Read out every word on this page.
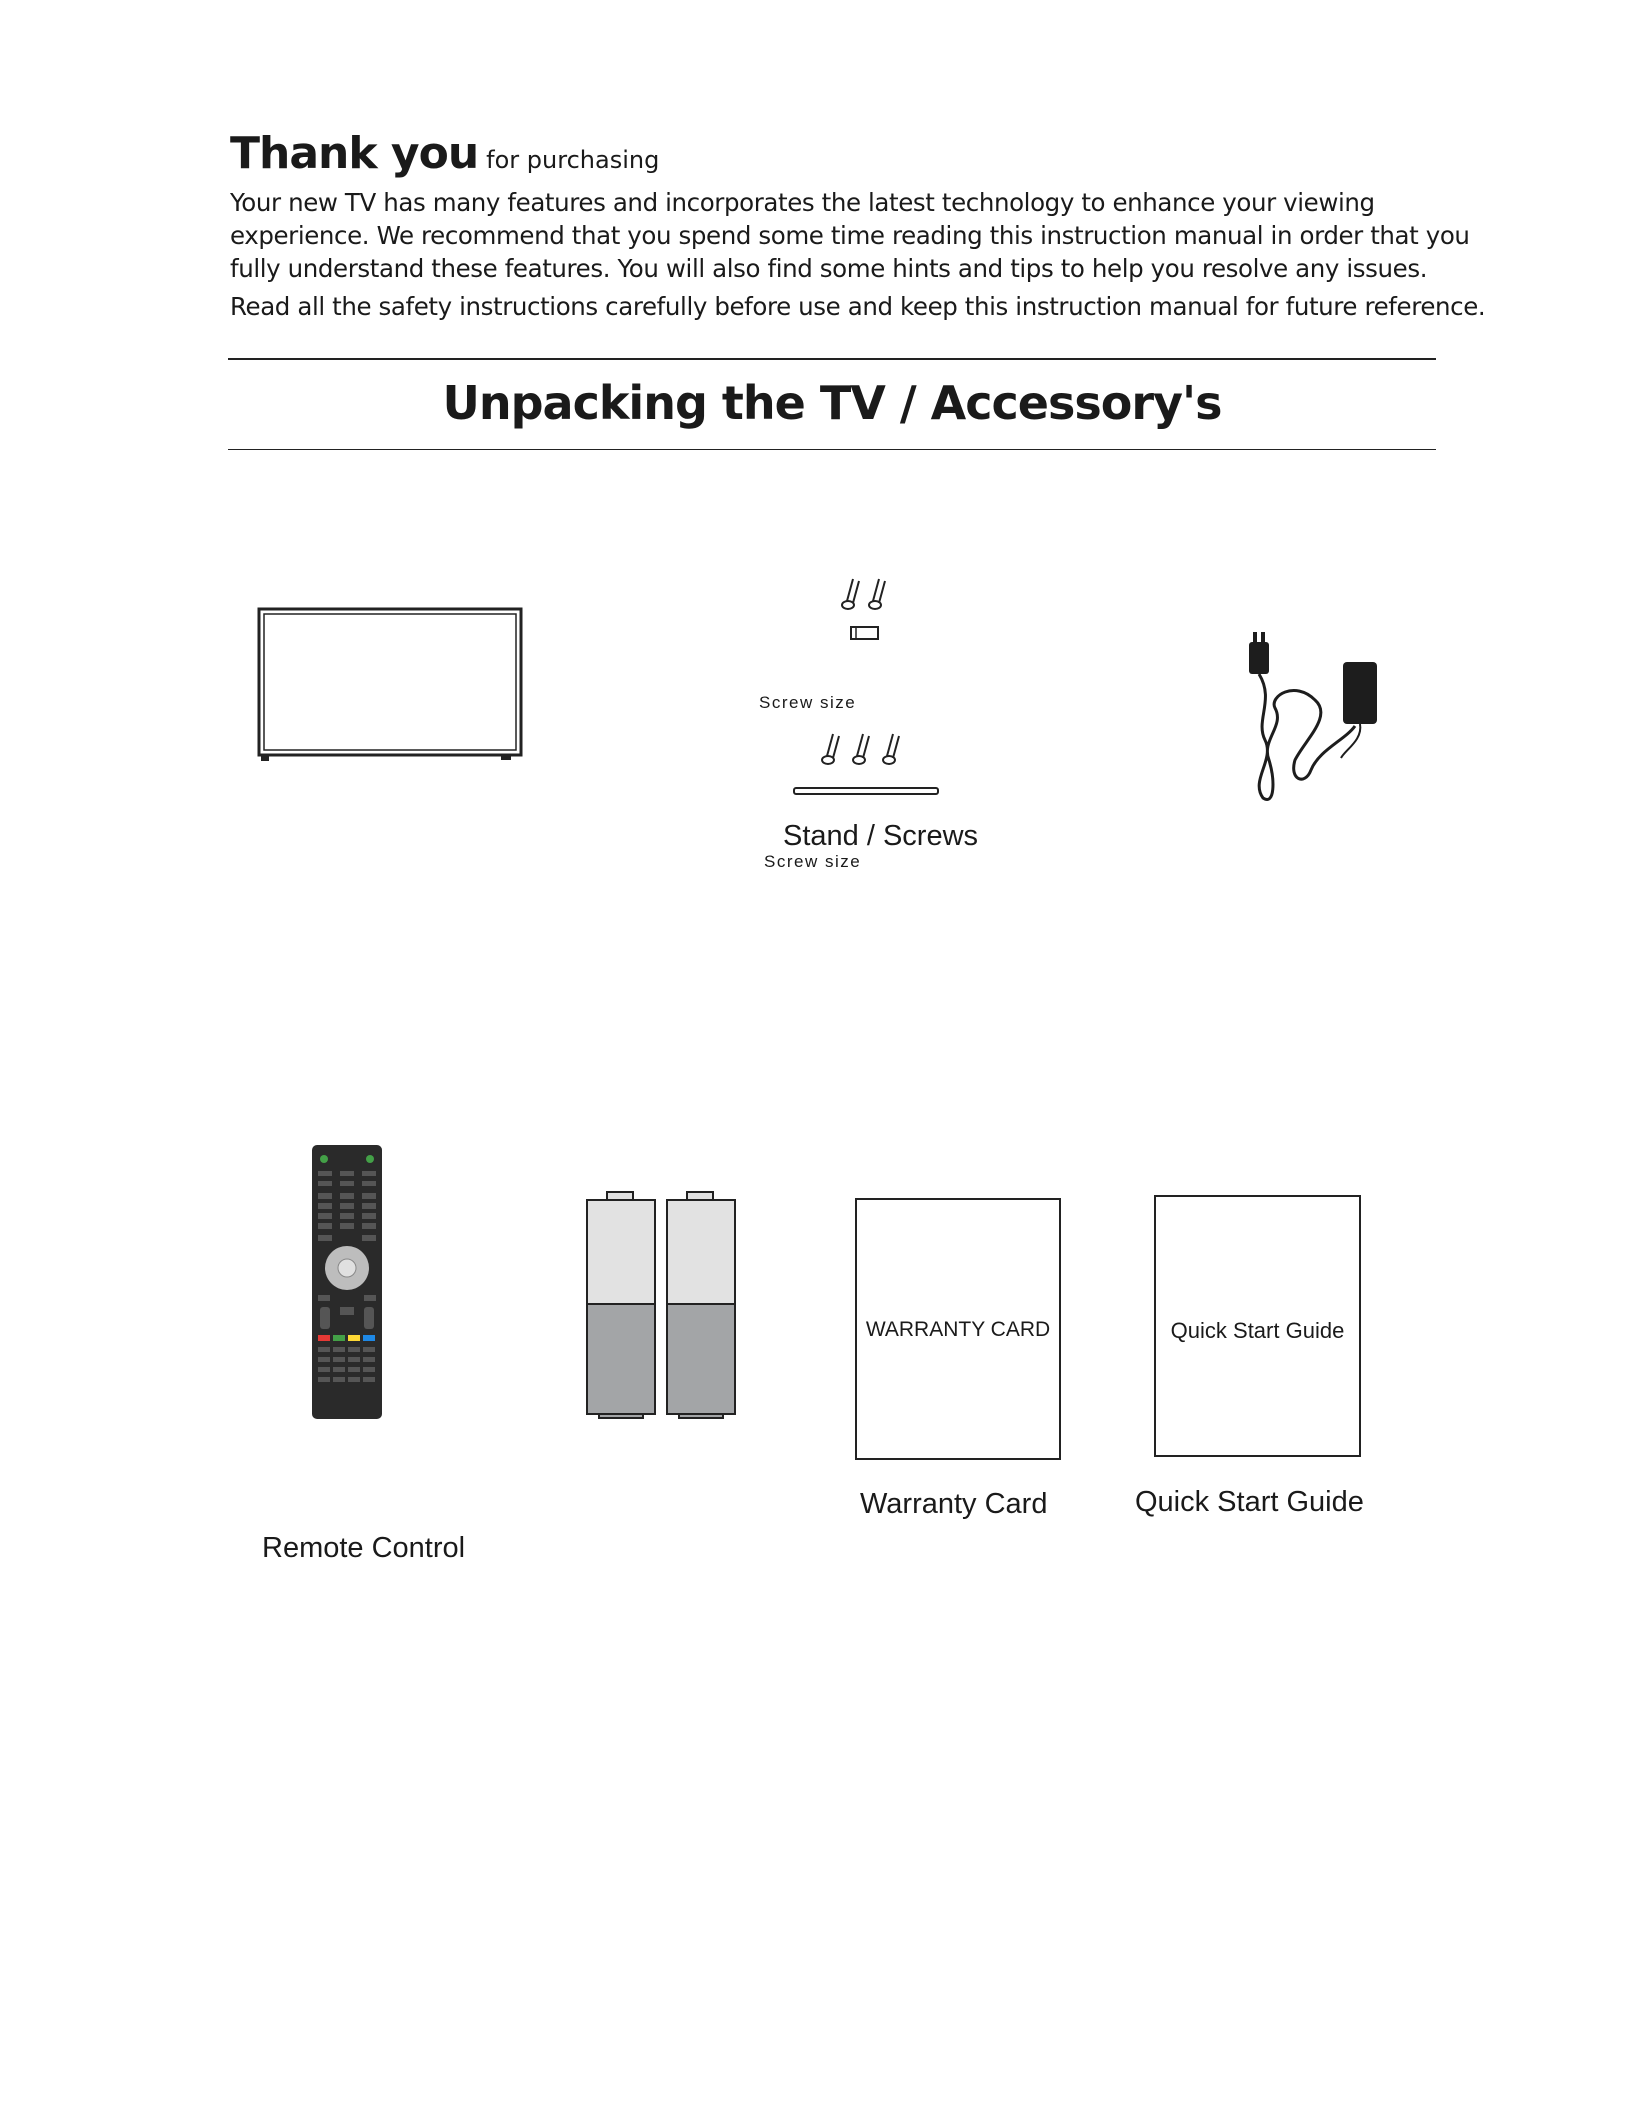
Thank you for purchasing

Your new TV has many features and incorporates the latest technology to enhance your viewing

experience. We recommend that you spend some time reading this instruction manual in order that you

fully understand these features. You will also find some hints and tips to help you resolve any issues.

Read all the safety instructions carefully before use and keep this instruction manual for future reference.

Unpacking the TV / Accessory's
Screw size
Stand / Screws
Screw size
Remote Control
WARRANTY CARD
Warranty Card
Quick Start Guide
Quick Start Guide
